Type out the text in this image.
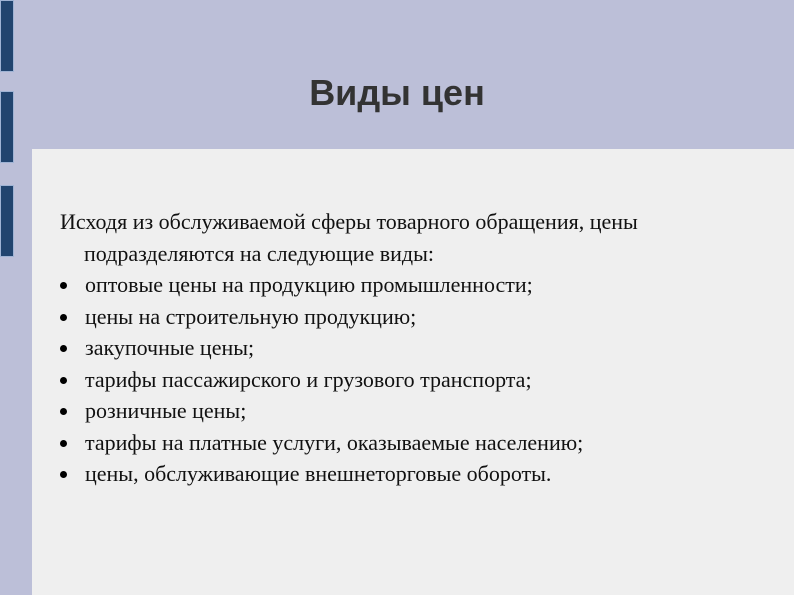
Виды цен

Исходя из обслуживаемой сферы товарного обращения, цены подразделяются на следующие виды:

оптовые цены на продукцию промышленности;
цены на строительную продукцию;
закупочные цены;
тарифы пассажирского и грузового транспорта;
розничные цены;
тарифы на платные услуги, оказываемые населению;
цены, обслуживающие внешнеторговые обороты.
